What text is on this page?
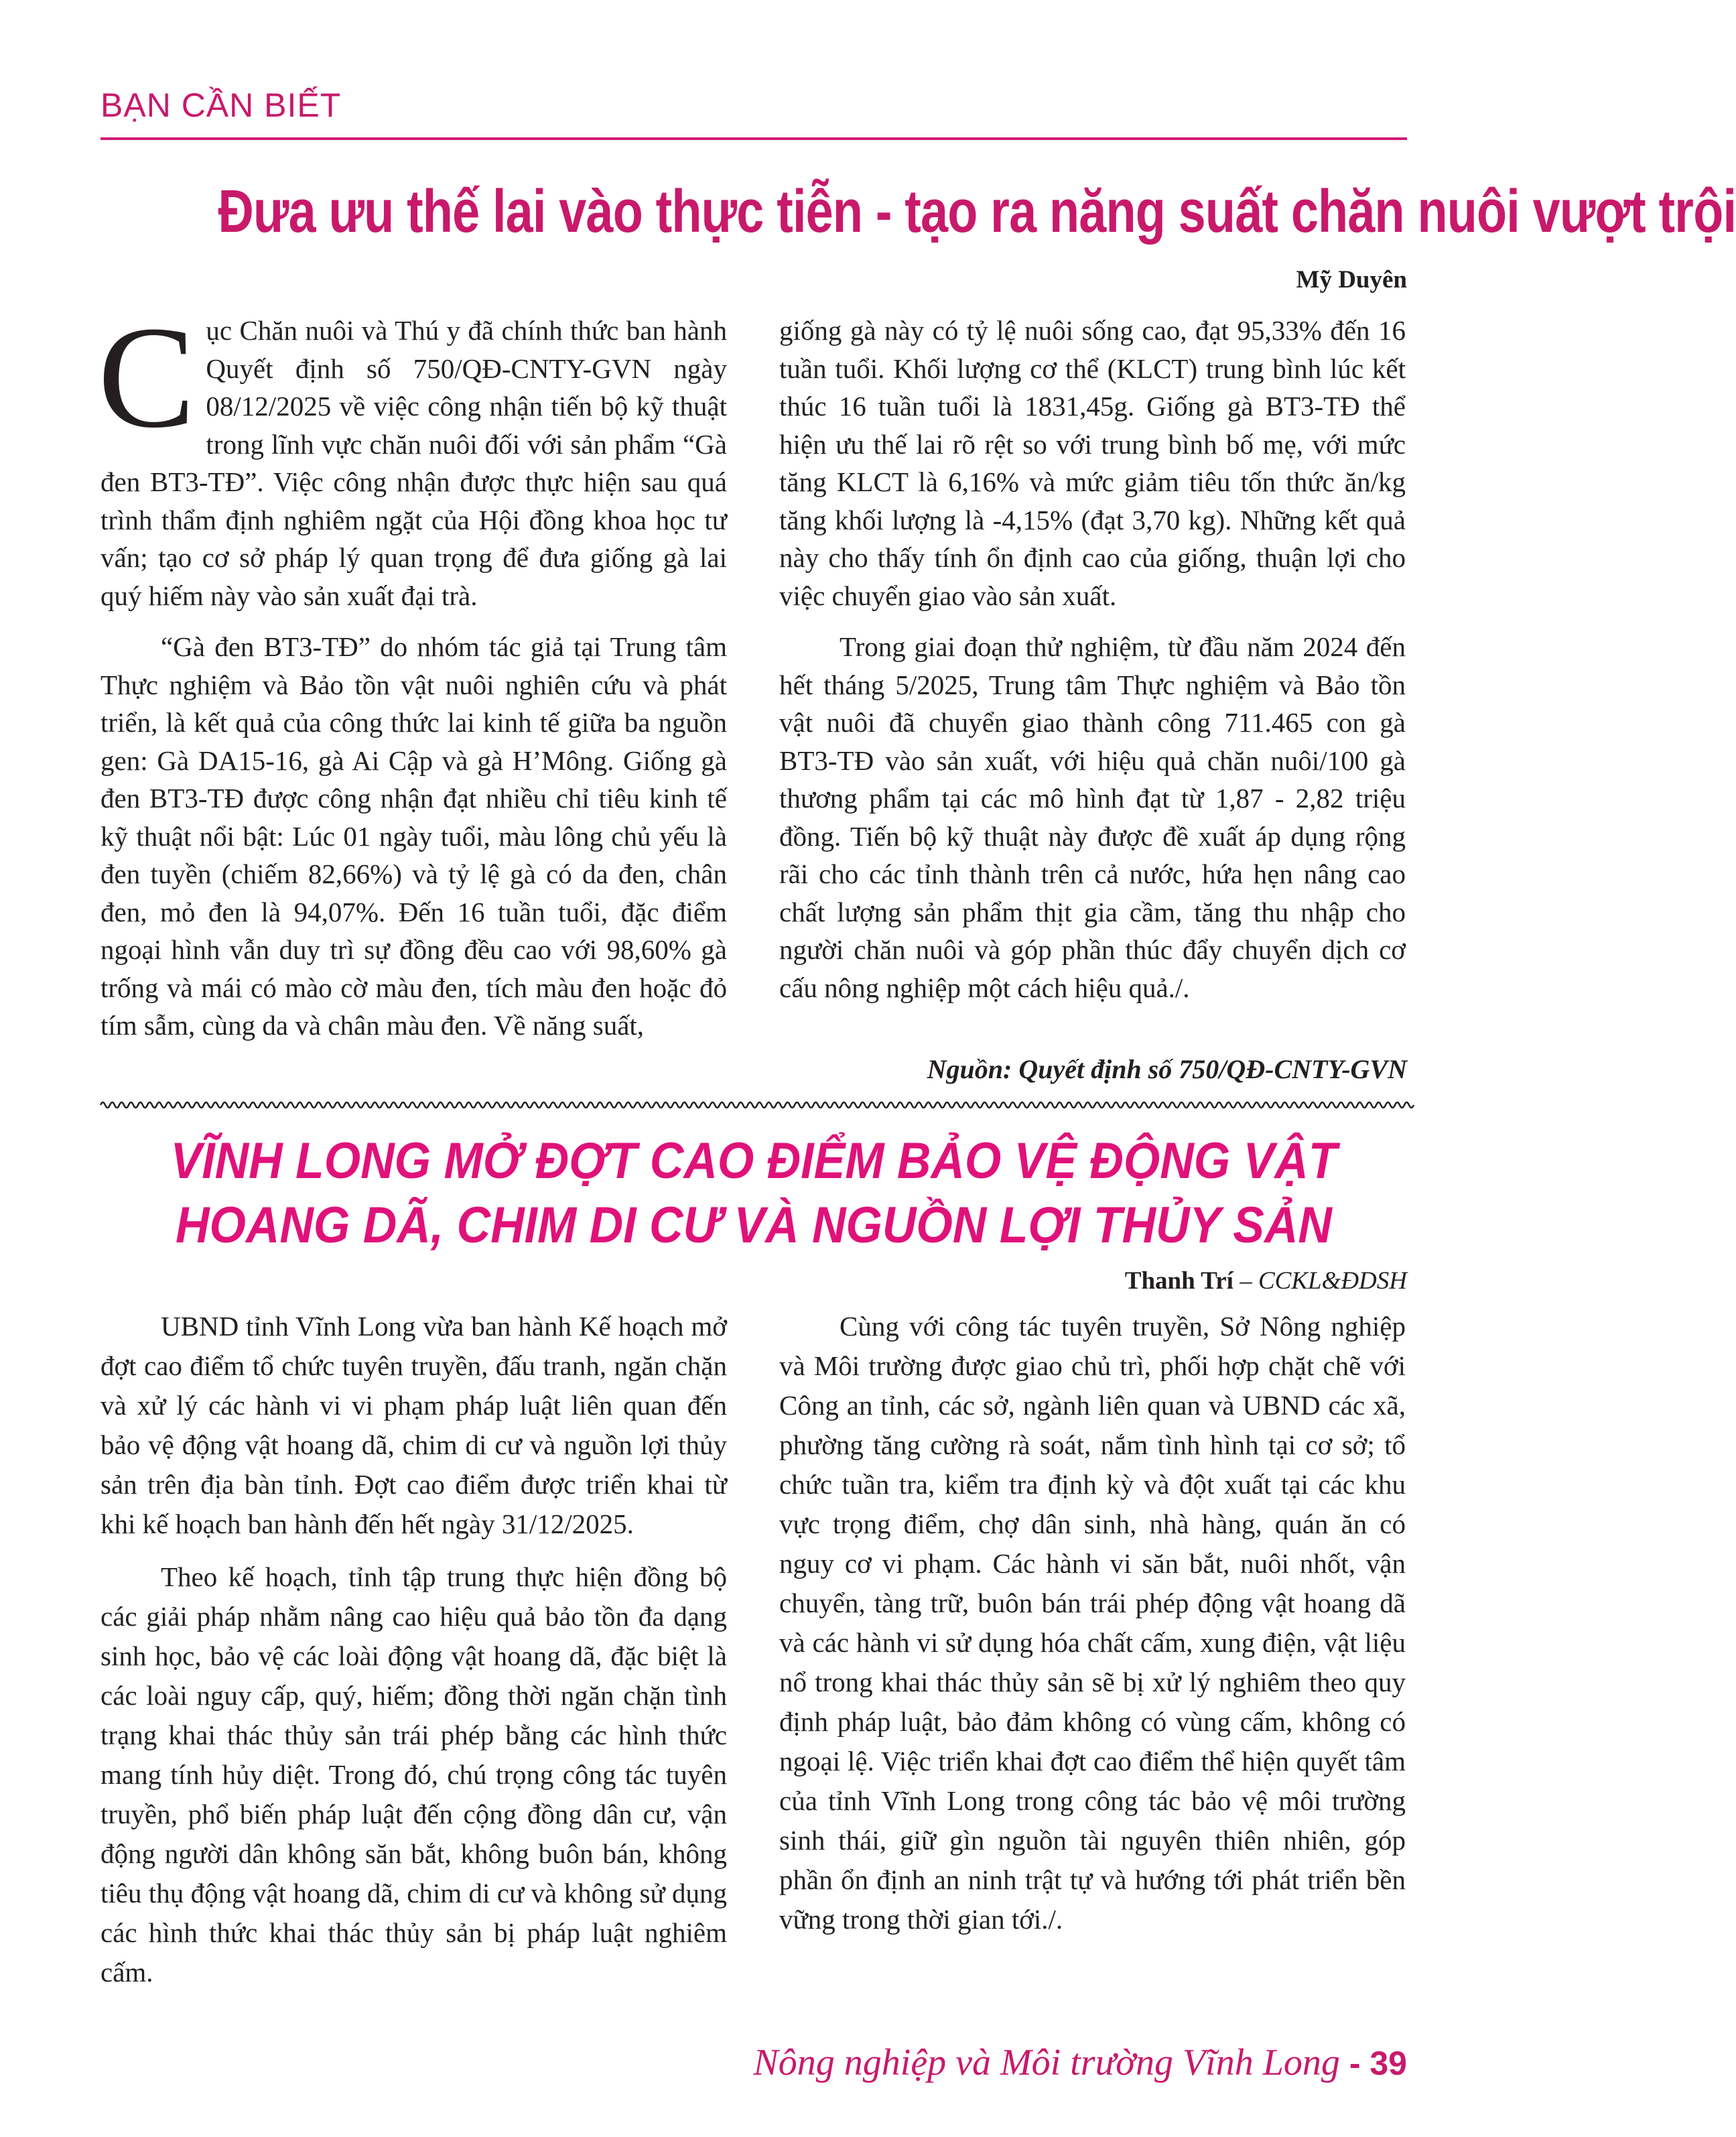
BẠN CẦN BIẾT
Đưa ưu thế lai vào thực tiễn - tạo ra năng suất chăn nuôi vượt trội
Mỹ Duyên

Cục Chăn nuôi và Thú y đã chính thức ban hành Quyết định số 750/QĐ-CNTY-GVN ngày 08/12/2025 về việc công nhận tiến bộ kỹ thuật trong lĩnh vực chăn nuôi đối với sản phẩm “Gà đen BT3-TĐ”. Việc công nhận được thực hiện sau quá trình thẩm định nghiêm ngặt của Hội đồng khoa học tư vấn; tạo cơ sở pháp lý quan trọng để đưa giống gà lai quý hiếm này vào sản xuất đại trà.

“Gà đen BT3-TĐ” do nhóm tác giả tại Trung tâm Thực nghiệm và Bảo tồn vật nuôi nghiên cứu và phát triển, là kết quả của công thức lai kinh tế giữa ba nguồn gen: Gà DA15-16, gà Ai Cập và gà H’Mông. Giống gà đen BT3-TĐ được công nhận đạt nhiều chỉ tiêu kinh tế kỹ thuật nổi bật: Lúc 01 ngày tuổi, màu lông chủ yếu là đen tuyền (chiếm 82,66%) và tỷ lệ gà có da đen, chân đen, mỏ đen là 94,07%. Đến 16 tuần tuổi, đặc điểm ngoại hình vẫn duy trì sự đồng đều cao với 98,60% gà trống và mái có mào cờ màu đen, tích màu đen hoặc đỏ tím sẫm, cùng da và chân màu đen. Về năng suất,

giống gà này có tỷ lệ nuôi sống cao, đạt 95,33% đến 16 tuần tuổi. Khối lượng cơ thể (KLCT) trung bình lúc kết thúc 16 tuần tuổi là 1831,45g. Giống gà BT3-TĐ thể hiện ưu thế lai rõ rệt so với trung bình bố mẹ, với mức tăng KLCT là 6,16% và mức giảm tiêu tốn thức ăn/kg tăng khối lượng là -4,15% (đạt 3,70 kg). Những kết quả này cho thấy tính ổn định cao của giống, thuận lợi cho việc chuyển giao vào sản xuất.

Trong giai đoạn thử nghiệm, từ đầu năm 2024 đến hết tháng 5/2025, Trung tâm Thực nghiệm và Bảo tồn vật nuôi đã chuyển giao thành công 711.465 con gà BT3-TĐ vào sản xuất, với hiệu quả chăn nuôi/100 gà thương phẩm tại các mô hình đạt từ 1,87 - 2,82 triệu đồng. Tiến bộ kỹ thuật này được đề xuất áp dụng rộng rãi cho các tỉnh thành trên cả nước, hứa hẹn nâng cao chất lượng sản phẩm thịt gia cầm, tăng thu nhập cho người chăn nuôi và góp phần thúc đẩy chuyển dịch cơ cấu nông nghiệp một cách hiệu quả./.

Nguồn: Quyết định số 750/QĐ-CNTY-GVN
VĨNH LONG MỞ ĐỢT CAO ĐIỂM BẢO VỆ ĐỘNG VẬT
HOANG DÃ, CHIM DI CƯ VÀ NGUỒN LỢI THỦY SẢN
Thanh Trí – CCKL&ĐDSH

UBND tỉnh Vĩnh Long vừa ban hành Kế hoạch mở đợt cao điểm tổ chức tuyên truyền, đấu tranh, ngăn chặn và xử lý các hành vi vi phạm pháp luật liên quan đến bảo vệ động vật hoang dã, chim di cư và nguồn lợi thủy sản trên địa bàn tỉnh. Đợt cao điểm được triển khai từ khi kế hoạch ban hành đến hết ngày 31/12/2025.

Theo kế hoạch, tỉnh tập trung thực hiện đồng bộ các giải pháp nhằm nâng cao hiệu quả bảo tồn đa dạng sinh học, bảo vệ các loài động vật hoang dã, đặc biệt là các loài nguy cấp, quý, hiếm; đồng thời ngăn chặn tình trạng khai thác thủy sản trái phép bằng các hình thức mang tính hủy diệt. Trong đó, chú trọng công tác tuyên truyền, phổ biến pháp luật đến cộng đồng dân cư, vận động người dân không săn bắt, không buôn bán, không tiêu thụ động vật hoang dã, chim di cư và không sử dụng các hình thức khai thác thủy sản bị pháp luật nghiêm cấm.

Cùng với công tác tuyên truyền, Sở Nông nghiệp và Môi trường được giao chủ trì, phối hợp chặt chẽ với Công an tỉnh, các sở, ngành liên quan và UBND các xã, phường tăng cường rà soát, nắm tình hình tại cơ sở; tổ chức tuần tra, kiểm tra định kỳ và đột xuất tại các khu vực trọng điểm, chợ dân sinh, nhà hàng, quán ăn có nguy cơ vi phạm. Các hành vi săn bắt, nuôi nhốt, vận chuyển, tàng trữ, buôn bán trái phép động vật hoang dã và các hành vi sử dụng hóa chất cấm, xung điện, vật liệu nổ trong khai thác thủy sản sẽ bị xử lý nghiêm theo quy định pháp luật, bảo đảm không có vùng cấm, không có ngoại lệ. Việc triển khai đợt cao điểm thể hiện quyết tâm của tỉnh Vĩnh Long trong công tác bảo vệ môi trường sinh thái, giữ gìn nguồn tài nguyên thiên nhiên, góp phần ổn định an ninh trật tự và hướng tới phát triển bền vững trong thời gian tới./.

Nông nghiệp và Môi trường Vĩnh Long - 39
